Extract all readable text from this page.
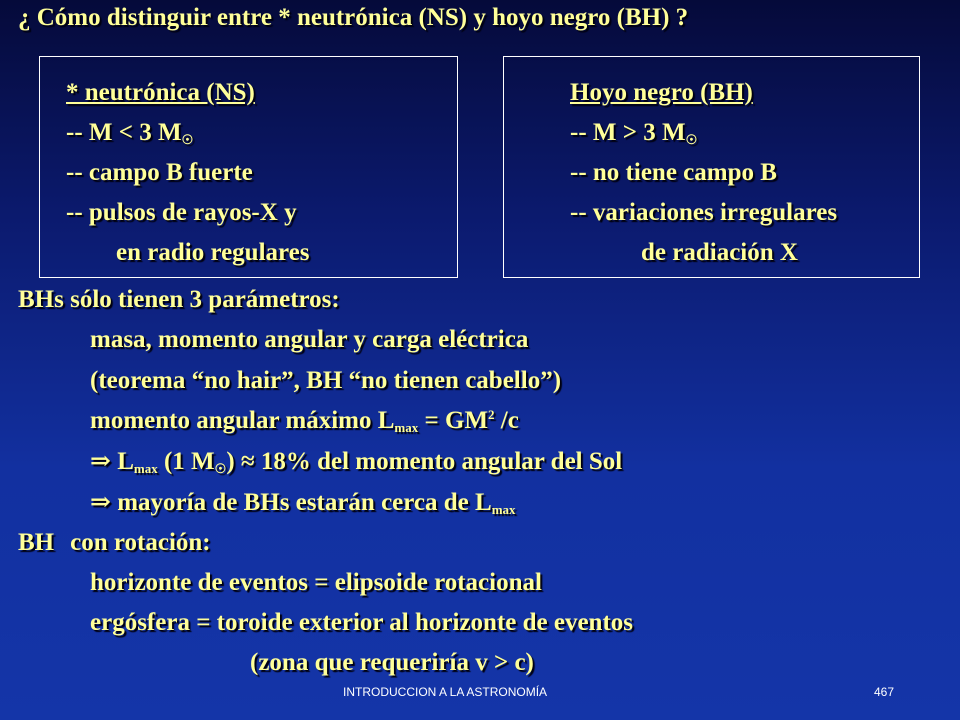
¿ Cómo distinguir entre * neutrónica (NS) y hoyo negro (BH) ?
* neutrónica (NS)
-- M < 3 $M_☉$
-- campo B fuerte
-- pulsos de rayos-X y
en radio regulares
Hoyo negro (BH)
-- M > 3 $M_☉$
-- no tiene campo B
-- variaciones irregulares
de radiación X
BHs sólo tienen 3 parámetros:
masa, momento angular y carga eléctrica
(teorema “no hair”, BH “no tienen cabello”)
momento angular máximo $L_{max} = GM^2$ /c
⇒ $L_{max}$ (1 $M_☉) \approx 18\%$ del momento angular del Sol
⇒ mayoría de BHs estarán cerca de $L_{max}$
BH con rotación:
horizonte de eventos = elipsoide rotacional
ergósfera = toroide exterior al horizonte de eventos
(zona que requeriría v > c)
INTRODUCCION A LA ASTRONOMÍA	467
